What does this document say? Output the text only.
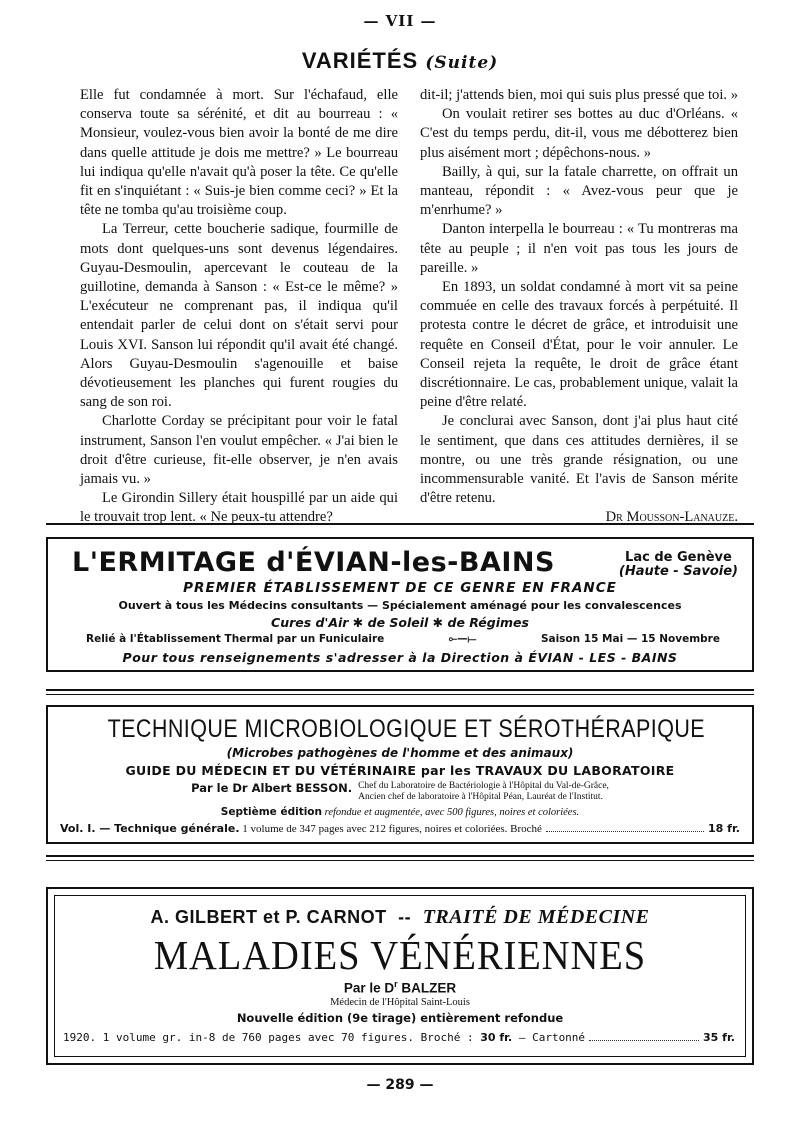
— VII —
VARIÉTÉS (Suite)

Elle fut condamnée à mort. Sur l'échafaud, elle conserva toute sa sérénité, et dit au bourreau : « Monsieur, voulez-vous bien avoir la bonté de me dire dans quelle attitude je dois me mettre? » Le bourreau lui indiqua qu'elle n'avait qu'à poser la tête. Ce qu'elle fit en s'inquiétant : « Suis-je bien comme ceci? » Et la tête ne tomba qu'au troisième coup.

La Terreur, cette boucherie sadique, fourmille de mots dont quelques-uns sont devenus légendaires. Guyau-Desmoulin, apercevant le couteau de la guillotine, demanda à Sanson : « Est-ce le même? » L'exécuteur ne comprenant pas, il indiqua qu'il entendait parler de celui dont on s'était servi pour Louis XVI. Sanson lui répondit qu'il avait été changé. Alors Guyau-Desmoulin s'agenouille et baise dévotieusement les planches qui furent rougies du sang de son roi.

Charlotte Corday se précipitant pour voir le fatal instrument, Sanson l'en voulut empêcher. « J'ai bien le droit d'être curieuse, fit-elle observer, je n'en avais jamais vu. »

Le Girondin Sillery était houspillé par un aide qui le trouvait trop lent. « Ne peux-tu attendre?

dit-il; j'attends bien, moi qui suis plus pressé que toi. »

On voulait retirer ses bottes au duc d'Orléans. « C'est du temps perdu, dit-il, vous me débotterez bien plus aisément mort ; dépêchons-nous. »

Bailly, à qui, sur la fatale charrette, on offrait un manteau, répondit : « Avez-vous peur que je m'enrhume? »

Danton interpella le bourreau : « Tu montreras ma tête au peuple ; il n'en voit pas tous les jours de pareille. »

En 1893, un soldat condamné à mort vit sa peine commuée en celle des travaux forcés à perpétuité. Il protesta contre le décret de grâce, et introduisit une requête en Conseil d'État, pour le voir annuler. Le Conseil rejeta la requête, le droit de grâce étant discrétionnaire. Le cas, probablement unique, valait la peine d'être relaté.

Je conclurai avec Sanson, dont j'ai plus haut cité le sentiment, que dans ces attitudes dernières, il se montre, ou une très grande résignation, ou une incommensurable vanité. Et l'avis de Sanson mérite d'être retenu.

Dr Mousson-Lanauze.

L'ERMITAGE d'ÉVIAN-les-BAINS	Lac de Genève
(Haute - Savoie)
PREMIER ÉTABLISSEMENT DE CE GENRE EN FRANCE
Ouvert à tous les Médecins consultants — Spécialement aménagé pour les convalescences
Cures d'Air ✱ de Soleil ✱ de Régimes
Relié à l'Établissement Thermal par un Funiculaire	⟜—⟝	Saison 15 Mai — 15 Novembre
Pour tous renseignements s'adresser à la Direction à ÉVIAN - LES - BAINS
TECHNIQUE MICROBIOLOGIQUE ET SÉROTHÉRAPIQUE
(Microbes pathogènes de l'homme et des animaux)
GUIDE DU MÉDECIN ET DU VÉTÉRINAIRE par les TRAVAUX DU LABORATOIRE
Par le Dr Albert BESSON. Chef du Laboratoire de Bactériologie à l'Hôpital du Val-de-Grâce,
Ancien chef de laboratoire à l'Hôpital Péan, Lauréat de l'Institut.
Septième édition refondue et augmentée, avec 500 figures, noires et coloriées.
Vol. I. — Technique générale.
1 volume de 347 pages avec 212 figures, noires et coloriées. Broché	18 fr.
A. GILBERT et P. CARNOT -- TRAITÉ DE MÉDECINE
MALADIES VÉNÉRIENNES
Par le $D^r$ BALZER
Médecin de l'Hôpital Saint-Louis
Nouvelle édition (9e tirage) entièrement refondue
1920. 1 volume gr. in-8 de 760 pages avec 70 figures. Broché :
30 fr.
— Cartonné	35 fr.
— 289 —
